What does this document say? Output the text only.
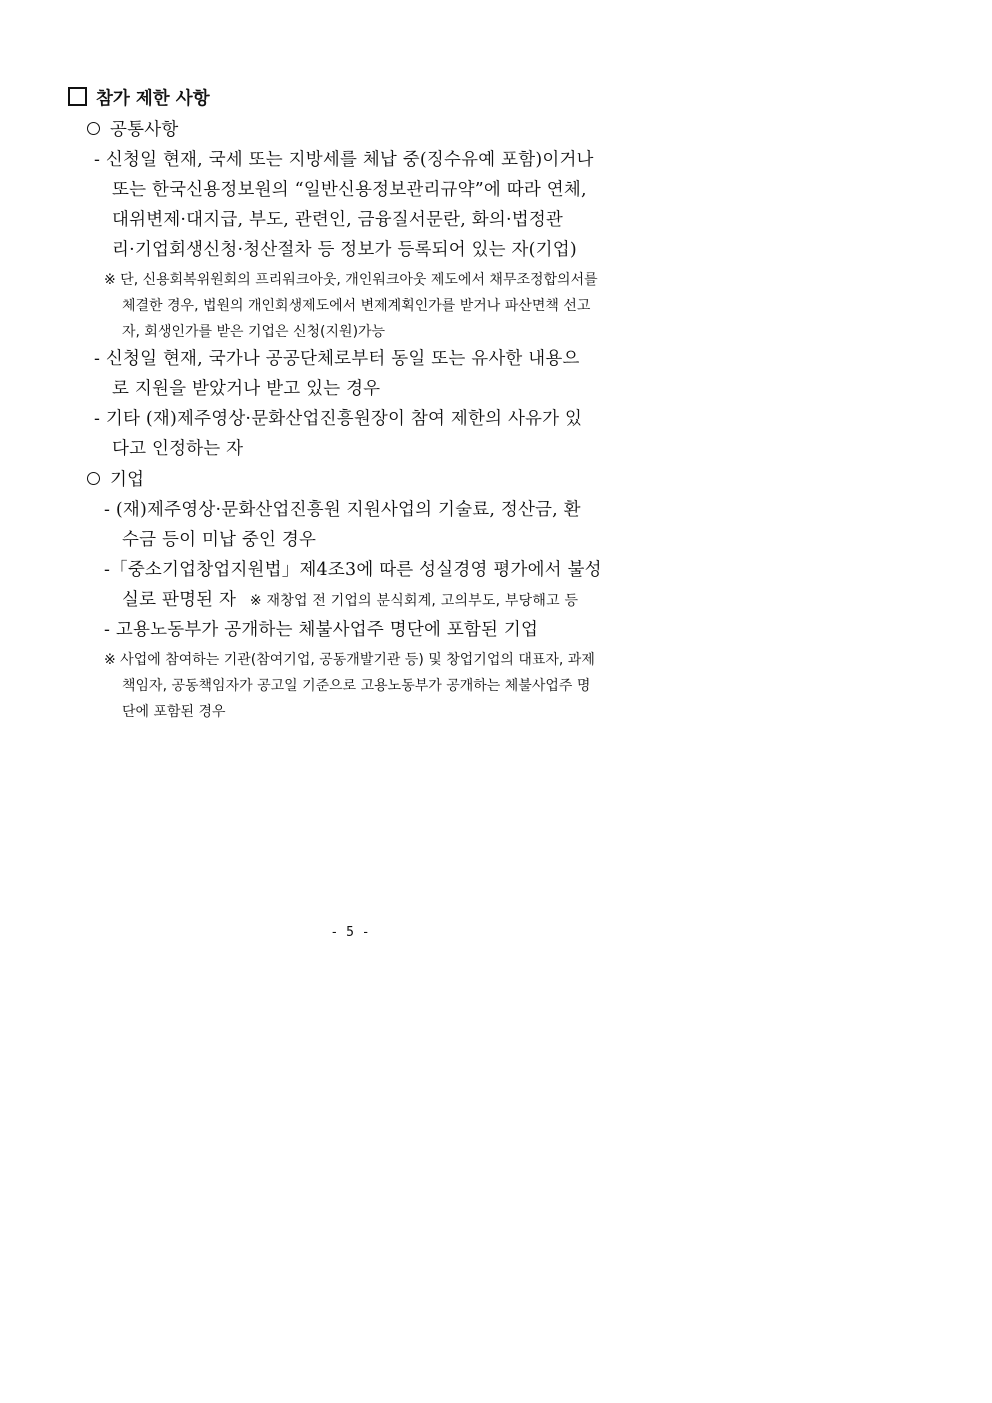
참가 제한 사항
공통사항
- 신청일 현재, 국세 또는 지방세를 체납 중(징수유예 포함)이거나
또는 한국신용정보원의 “일반신용정보관리규약”에 따라 연체,
대위변제·대지급, 부도, 관련인, 금융질서문란, 화의·법정관
리·기업회생신청·청산절차 등 정보가 등록되어 있는 자(기업)
※ 단, 신용회복위원회의 프리워크아웃, 개인워크아웃 제도에서 채무조정합의서를
체결한 경우, 법원의 개인회생제도에서 변제계획인가를 받거나 파산면책 선고
자, 회생인가를 받은 기업은 신청(지원)가능
- 신청일 현재, 국가나 공공단체로부터 동일 또는 유사한 내용으
로 지원을 받았거나 받고 있는 경우
- 기타 (재)제주영상·문화산업진흥원장이 참여 제한의 사유가 있
다고 인정하는 자
기업
- (재)제주영상·문화산업진흥원 지원사업의 기술료, 정산금, 환
수금 등이 미납 중인 경우
-「중소기업창업지원법」제4조3에 따른 성실경영 평가에서 불성
실로 판명된 자 ※ 재창업 전 기업의 분식회계, 고의부도, 부당해고 등
- 고용노동부가 공개하는 체불사업주 명단에 포함된 기업
※ 사업에 참여하는 기관(참여기업, 공동개발기관 등) 및 창업기업의 대표자, 과제
책임자, 공동책임자가 공고일 기준으로 고용노동부가 공개하는 체불사업주 명
단에 포함된 경우
- 5 -
